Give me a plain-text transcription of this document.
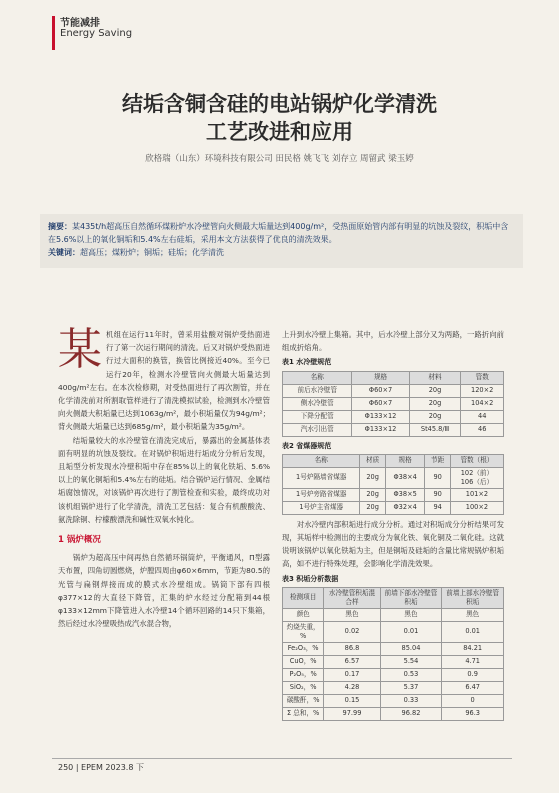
节能减排
Energy Saving
结垢含铜含硅的电站锅炉化学清洗
工艺改进和应用
欣格瑞（山东）环境科技有限公司 田民格 姚飞飞 刘存立 周留武 梁玉婷
摘要：某435t/h超高压自然循环煤粉炉水冷壁管向火侧最大垢量达到400g/m²，受热面原始管内部有明显的坑蚀及裂纹，积垢中含在5.6%以上的氧化铜垢和5.4%左右硅垢，采用本文方法获得了优良的清洗效果。
关键词：超高压；煤粉炉；铜垢；硅垢；化学清洗
某 机组在运行11年时，曾采用盐酸对锅炉受热面进行了第一次运行期间的清洗。后又对锅炉受热面进行过大面积的换管，换管比例接近40%。至今已运行20年，检测水冷壁管向火侧最大垢量达到400g/m²左右。在本次检修期，对受热面进行了再次割管，并在化学清洗前对所割取管样进行了清洗模拟试验，检测到水冷壁管向火侧最大积垢量已达到1063g/m²，最小积垢量仅为94g/m²；背火侧最大垢量已达到685g/m²，最小积垢量为35g/m²。

结垢量较大的水冷壁管在清洗完成后，暴露出的金属基体表面有明显的坑蚀及裂纹。在对锅炉积垢进行垢成分分析后发现，且垢型分析发现水冷壁积垢中存在85%以上的氧化铁垢、5.6%以上的氧化铜垢和5.4%左右的硅垢。结合锅炉运行情况、金属结垢腐蚀情况，对该锅炉再次进行了割管检查和实验，最终成功对该机组锅炉进行了化学清洗，清洗工艺包括：复合有机酸酸洗、氨洗除铜、柠檬酸漂洗和碱性双氧水钝化。

1 锅炉概况

锅炉为超高压中间再热自然循环锅筒炉，平衡通风，Π型露天布置，四角切圆燃烧，炉膛四周由φ60×6mm，节距为80.5的光管与扁钢焊接而成的膜式水冷壁组成。锅筒下部有四根φ377×12的大直径下降管，汇集的炉水经过分配箱到44根φ133×12mm下降管进入水冷壁14个循环回路的14只下集箱，然后经过水冷壁吸热成汽水混合物，

上升到水冷壁上集箱。其中，后水冷壁上部分又为两路，一路折向前组成折焰角。

表1 水冷壁规范
名称	规格	材料	管数
前后水冷壁管	Φ60×7	20g	120×2
侧水冷壁管	Φ60×7	20g	104×2
下降分配管	Φ133×12	20g	44
汽水引出管	Φ133×12	St45.8/Ⅲ	46
表2 省煤器规范
名称	材质	规格	节距	管数（根）
1号炉隔墙省煤器	20g	Φ38×4	90	102（前）
106（后）
1号炉旁路省煤器	20g	Φ38×5	90	101×2
1号炉主省煤器	20g	Φ32×4	94	100×2

对水冷壁内部积垢进行成分分析。通过对积垢成分分析结果可发现，其垢样中检测出的主要成分为氧化铁、氧化铜及二氧化硅。这就说明该锅炉以氧化铁垢为主，但是铜垢及硅垢的含量比常规锅炉积垢高，如不进行特殊处理，会影响化学清洗效果。

表3 积垢分析数据
检测项目	水冷壁管积垢混合样	前墙下部水冷壁管积垢	前墙上部水冷壁管积垢
颜色	黑色	黑色	黑色
灼烧失重，%	0.02	0.01	0.01
Fe₂O₃，%	86.8	85.04	84.21
CuO，%	6.57	5.54	4.71
P₂O₅，%	0.17	0.53	0.9
SiO₂，%	4.28	5.37	6.47
碳酸酐，%	0.15	0.33	0
Σ 总和，%	97.99	96.82	96.3
250 | EPEM 2023.8 下
